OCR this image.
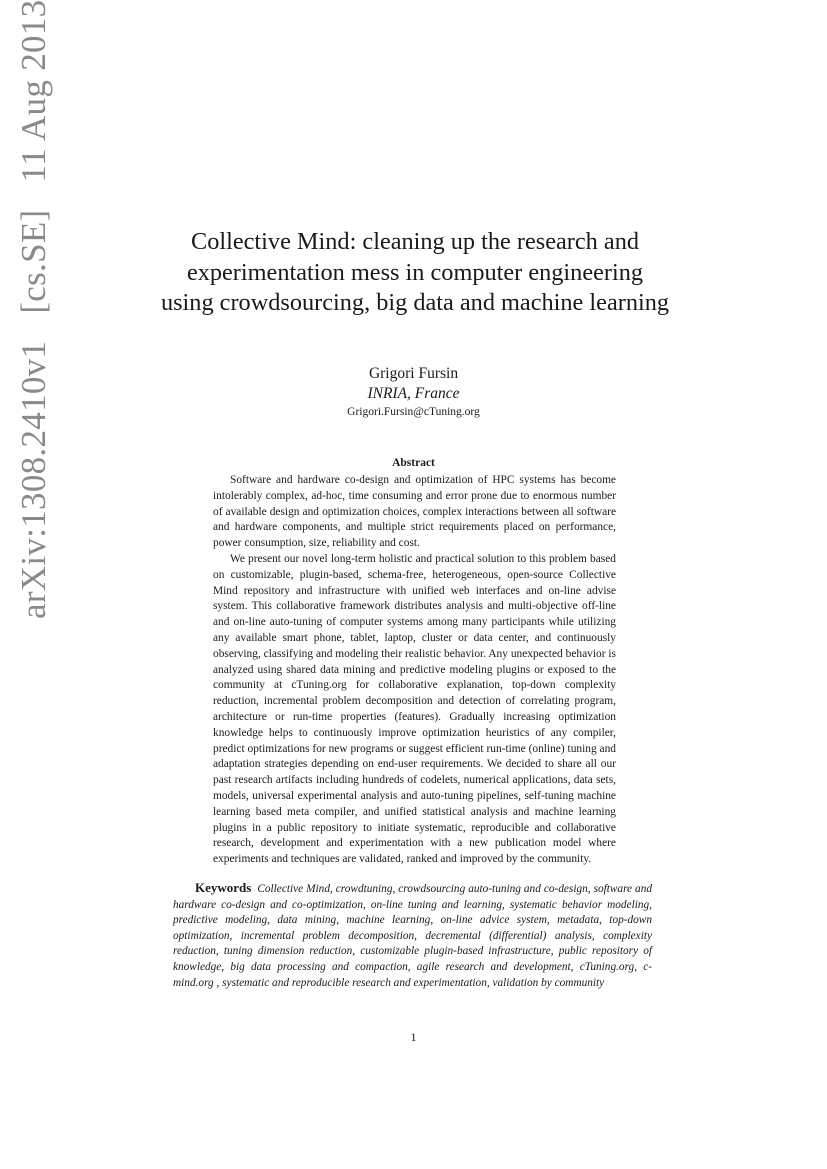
arXiv:1308.2410v1 [cs.SE] 11 Aug 2013
Collective Mind: cleaning up the research and experimentation mess in computer engineering using crowdsourcing, big data and machine learning
Grigori Fursin
INRIA, France
Grigori.Fursin@cTuning.org
Abstract

Software and hardware co-design and optimization of HPC systems has become intolerably complex, ad-hoc, time consuming and error prone due to enormous number of available design and optimization choices, complex interactions between all software and hardware components, and multiple strict requirements placed on performance, power consumption, size, reliability and cost.

We present our novel long-term holistic and practical solution to this problem based on customizable, plugin-based, schema-free, heterogeneous, open-source Collective Mind repository and infrastructure with unified web interfaces and on-line advise system. This collaborative framework distributes analysis and multi-objective off-line and on-line auto-tuning of computer systems among many participants while utilizing any available smart phone, tablet, laptop, cluster or data center, and continuously observing, classifying and modeling their realistic behavior. Any unexpected behavior is analyzed using shared data mining and predictive modeling plugins or exposed to the community at cTuning.org for collaborative explanation, top-down complexity reduction, incremental problem decomposition and detection of correlating program, architecture or run-time properties (features). Gradually increasing optimization knowledge helps to continuously improve optimization heuristics of any compiler, predict optimizations for new programs or suggest efficient run-time (online) tuning and adaptation strategies depending on end-user requirements. We decided to share all our past research artifacts including hundreds of codelets, numerical applications, data sets, models, universal experimental analysis and auto-tuning pipelines, self-tuning machine learning based meta compiler, and unified statistical analysis and machine learning plugins in a public repository to initiate systematic, reproducible and collaborative research, development and experimentation with a new publication model where experiments and techniques are validated, ranked and improved by the community.

Keywords Collective Mind, crowdtuning, crowdsourcing auto-tuning and co-design, software and hardware co-design and co-optimization, on-line tuning and learning, systematic behavior modeling, predictive modeling, data mining, machine learning, on-line advice system, metadata, top-down optimization, incremental problem decomposition, decremental (differential) analysis, complexity reduction, tuning dimension reduction, customizable plugin-based infrastructure, public repository of knowledge, big data processing and compaction, agile research and development, cTuning.org, c-mind.org , systematic and reproducible research and experimentation, validation by community

1
